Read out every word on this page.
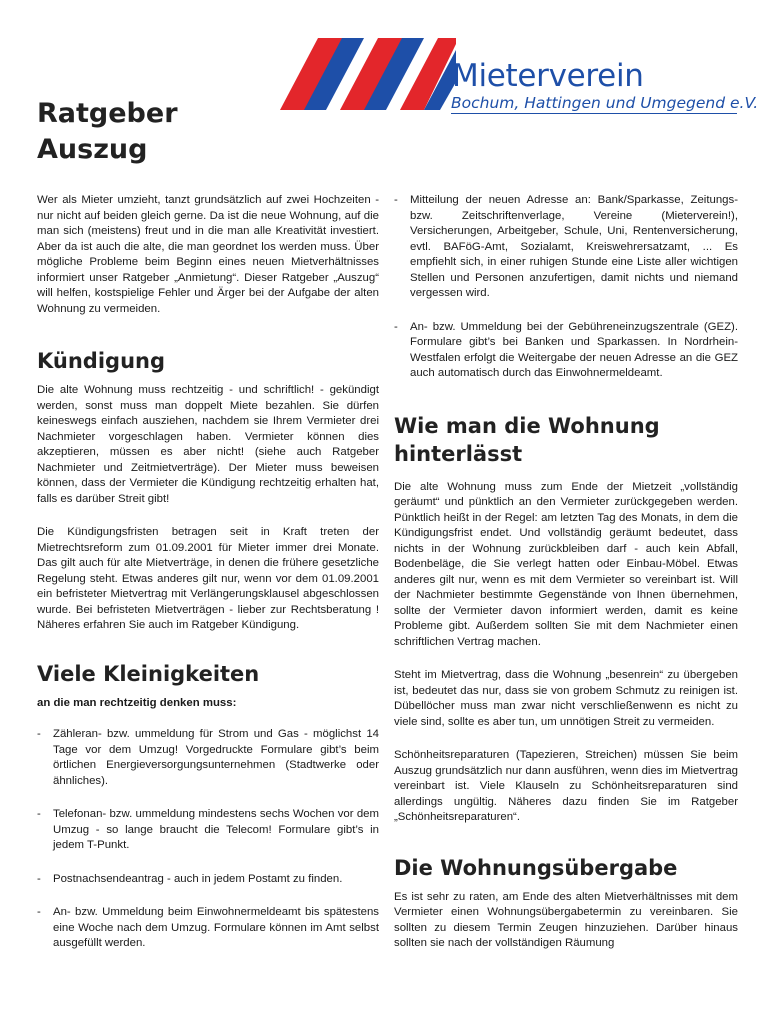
Mieterverein
Bochum, Hattingen und Umgegend e.V.
Ratgeber
Auszug

Wer als Mieter umzieht, tanzt grundsätzlich auf zwei Hochzeiten - nur nicht auf beiden gleich gerne. Da ist die neue Wohnung, auf die man sich (meistens) freut und in die man alle Kreativität investiert. Aber da ist auch die alte, die man geordnet los werden muss. Über mögliche Probleme beim Beginn eines neuen Mietverhältnisses informiert unser Ratgeber „Anmietung“. Dieser Ratgeber „Auszug“ will helfen, kostspielige Fehler und Ärger bei der Aufgabe der alten Wohnung zu vermeiden.

Kündigung

Die alte Wohnung muss rechtzeitig - und schriftlich! - gekündigt werden, sonst muss man doppelt Miete bezahlen. Sie dürfen keineswegs einfach ausziehen, nachdem sie Ihrem Vermieter drei Nachmieter vorgeschlagen haben. Vermieter können dies akzeptieren, müssen es aber nicht! (siehe auch Ratgeber Nachmieter und Zeitmietverträge). Der Mieter muss beweisen können, dass der Vermieter die Kündigung rechtzeitig erhalten hat, falls es darüber Streit gibt!

Die Kündigungsfristen betragen seit in Kraft treten der Mietrechtsreform zum 01.09.2001 für Mieter immer drei Monate. Das gilt auch für alte Mietverträge, in denen die frühere gesetzliche Regelung steht. Etwas anderes gilt nur, wenn vor dem 01.09.2001 ein befristeter Mietvertrag mit Verlängerungsklausel abgeschlossen wurde. Bei befristeten Mietverträgen - lieber zur Rechtsberatung ! Näheres erfahren Sie auch im Ratgeber Kündigung.

Viele Kleinigkeiten
an die man rechtzeitig denken muss:
-	Zähleran- bzw. ummeldung für Strom und Gas - möglichst 14 Tage vor dem Umzug! Vorgedruckte Formulare gibt’s beim örtlichen Energieversorgungsunternehmen (Stadtwerke oder ähnliches).
-	Telefonan- bzw. ummeldung mindestens sechs Wochen vor dem Umzug - so lange braucht die Telecom! Formulare gibt’s in jedem T-Punkt.
-	Postnachsendeantrag - auch in jedem Postamt zu finden.
-	An- bzw. Ummeldung beim Einwohnermeldeamt bis spätestens eine Woche nach dem Umzug. Formulare können im Amt selbst ausgefüllt werden.
-	Mitteilung der neuen Adresse an: Bank/Sparkasse, Zeitungs- bzw. Zeitschriftenverlage, Vereine (Mieterverein!), Versicherungen, Arbeitgeber, Schule, Uni, Rentenversicherung, evtl. BAFöG-Amt, Sozialamt, Kreiswehrersatzamt, ... Es empfiehlt sich, in einer ruhigen Stunde eine Liste aller wichtigen Stellen und Personen anzufertigen, damit nichts und niemand vergessen wird.
-	An- bzw. Ummeldung bei der Gebühreneinzugszentrale (GEZ). Formulare gibt’s bei Banken und Sparkassen. In Nordrhein-Westfalen erfolgt die Weitergabe der neuen Adresse an die GEZ auch automatisch durch das Einwohnermeldeamt.
Wie man die Wohnung
hinterlässt

Die alte Wohnung muss zum Ende der Mietzeit „vollständig geräumt“ und pünktlich an den Vermieter zurückgegeben werden. Pünktlich heißt in der Regel: am letzten Tag des Monats, in dem die Kündigungsfrist endet. Und vollständig geräumt bedeutet, dass nichts in der Wohnung zurückbleiben darf - auch kein Abfall, Bodenbeläge, die Sie verlegt hatten oder Einbau-Möbel. Etwas anderes gilt nur, wenn es mit dem Vermieter so vereinbart ist. Will der Nachmieter bestimmte Gegenstände von Ihnen übernehmen, sollte der Vermieter davon informiert werden, damit es keine Probleme gibt. Außerdem sollten Sie mit dem Nachmieter einen schriftlichen Vertrag machen.

Steht im Mietvertrag, dass die Wohnung „besenrein“ zu übergeben ist, bedeutet das nur, dass sie von grobem Schmutz zu reinigen ist. Dübellöcher muss man zwar nicht verschließenwenn es nicht zu viele sind, sollte es aber tun, um unnötigen Streit zu vermeiden.

Schönheitsreparaturen (Tapezieren, Streichen) müssen Sie beim Auszug grundsätzlich nur dann ausführen, wenn dies im Mietvertrag vereinbart ist. Viele Klauseln zu Schönheitsreparaturen sind allerdings ungültig. Näheres dazu finden Sie im Ratgeber „Schönheitsreparaturen“.

Die Wohnungsübergabe

Es ist sehr zu raten, am Ende des alten Mietverhältnisses mit dem Vermieter einen Wohnungsübergabetermin zu vereinbaren. Sie sollten zu diesem Termin Zeugen hinzuziehen. Darüber hinaus sollten sie nach der vollständigen Räumung
